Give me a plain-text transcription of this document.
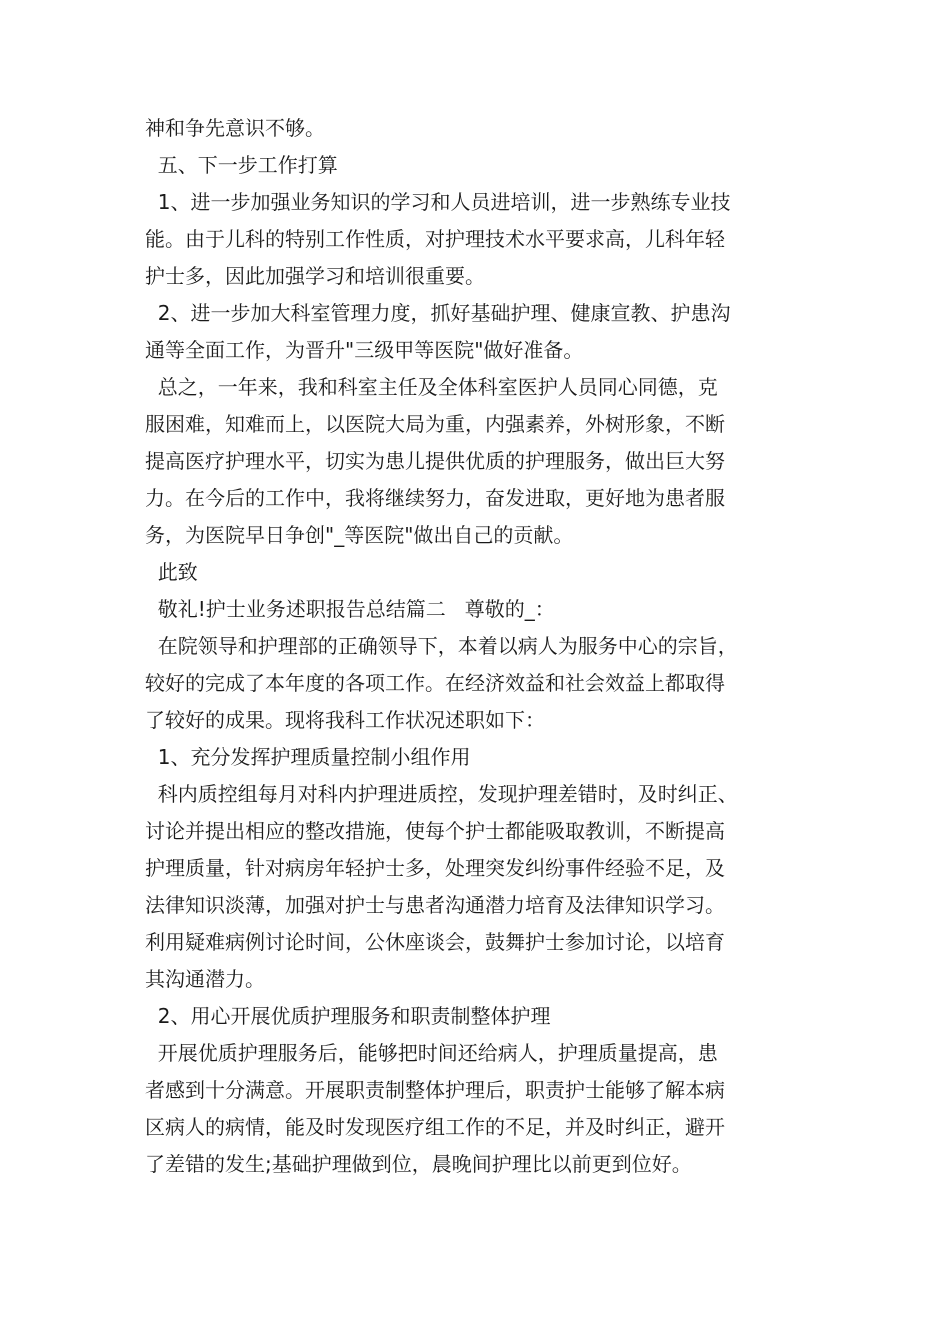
神和争先意识不够。
五、下一步工作打算
1、进一步加强业务知识的学习和人员进培训，进一步熟练专业技
能。由于儿科的特别工作性质，对护理技术水平要求高，儿科年轻
护士多，因此加强学习和培训很重要。
2、进一步加大科室管理力度，抓好基础护理、健康宣教、护患沟
通等全面工作，为晋升"三级甲等医院"做好准备。
总之，一年来，我和科室主任及全体科室医护人员同心同德，克
服困难，知难而上，以医院大局为重，内强素养，外树形象，不断
提高医疗护理水平，切实为患儿提供优质的护理服务，做出巨大努
力。在今后的工作中，我将继续努力，奋发进取，更好地为患者服
务，为医院早日争创"_等医院"做出自己的贡献。
此致
敬礼!护士业务述职报告总结篇二   尊敬的_：
在院领导和护理部的正确领导下，本着以病人为服务中心的宗旨，
较好的完成了本年度的各项工作。在经济效益和社会效益上都取得
了较好的成果。现将我科工作状况述职如下：
1、充分发挥护理质量控制小组作用
科内质控组每月对科内护理进质控，发现护理差错时，及时纠正、
讨论并提出相应的整改措施，使每个护士都能吸取教训，不断提高
护理质量，针对病房年轻护士多，处理突发纠纷事件经验不足，及
法律知识淡薄，加强对护士与患者沟通潜力培育及法律知识学习。
利用疑难病例讨论时间，公休座谈会，鼓舞护士参加讨论，以培育
其沟通潜力。
2、用心开展优质护理服务和职责制整体护理
开展优质护理服务后，能够把时间还给病人，护理质量提高，患
者感到十分满意。开展职责制整体护理后，职责护士能够了解本病
区病人的病情，能及时发现医疗组工作的不足，并及时纠正，避开
了差错的发生;基础护理做到位，晨晚间护理比以前更到位好。
